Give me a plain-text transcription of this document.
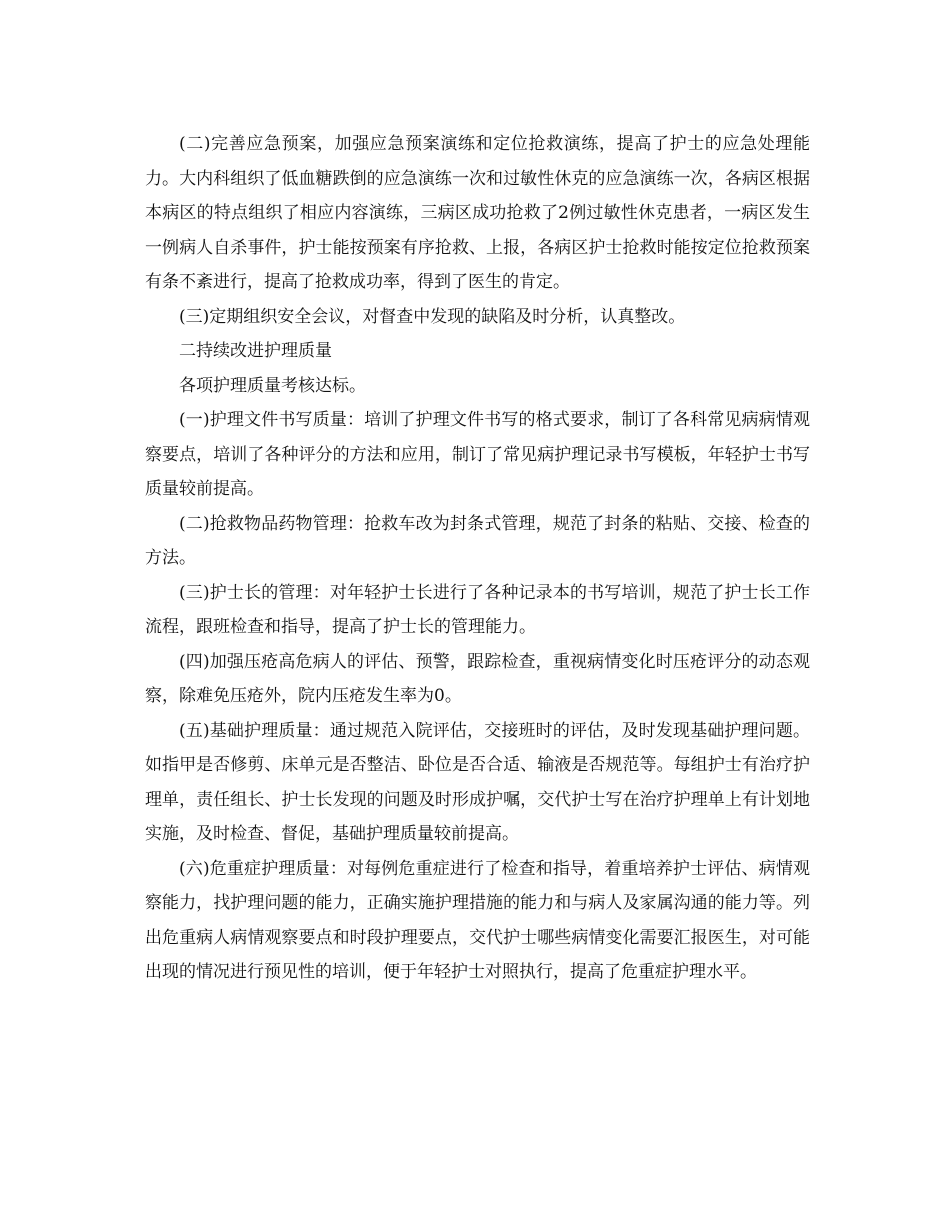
(二)完善应急预案，加强应急预案演练和定位抢救演练，提高了护士的应急处理能力。大内科组织了低血糖跌倒的应急演练一次和过敏性休克的应急演练一次，各病区根据本病区的特点组织了相应内容演练，三病区成功抢救了2例过敏性休克患者，一病区发生一例病人自杀事件，护士能按预案有序抢救、上报，各病区护士抢救时能按定位抢救预案有条不紊进行，提高了抢救成功率，得到了医生的肯定。

(三)定期组织安全会议，对督查中发现的缺陷及时分析，认真整改。

二持续改进护理质量

各项护理质量考核达标。

(一)护理文件书写质量：培训了护理文件书写的格式要求，制订了各科常见病病情观察要点，培训了各种评分的方法和应用，制订了常见病护理记录书写模板，年轻护士书写质量较前提高。

(二)抢救物品药物管理：抢救车改为封条式管理，规范了封条的粘贴、交接、检查的方法。

(三)护士长的管理：对年轻护士长进行了各种记录本的书写培训，规范了护士长工作流程，跟班检查和指导，提高了护士长的管理能力。

(四)加强压疮高危病人的评估、预警，跟踪检查，重视病情变化时压疮评分的动态观察，除难免压疮外，院内压疮发生率为0。

(五)基础护理质量：通过规范入院评估，交接班时的评估，及时发现基础护理问题。如指甲是否修剪、床单元是否整洁、卧位是否合适、输液是否规范等。每组护士有治疗护理单，责任组长、护士长发现的问题及时形成护嘱，交代护士写在治疗护理单上有计划地实施，及时检查、督促，基础护理质量较前提高。

(六)危重症护理质量：对每例危重症进行了检查和指导，着重培养护士评估、病情观察能力，找护理问题的能力，正确实施护理措施的能力和与病人及家属沟通的能力等。列出危重病人病情观察要点和时段护理要点，交代护士哪些病情变化需要汇报医生，对可能出现的情况进行预见性的培训，便于年轻护士对照执行，提高了危重症护理水平。
